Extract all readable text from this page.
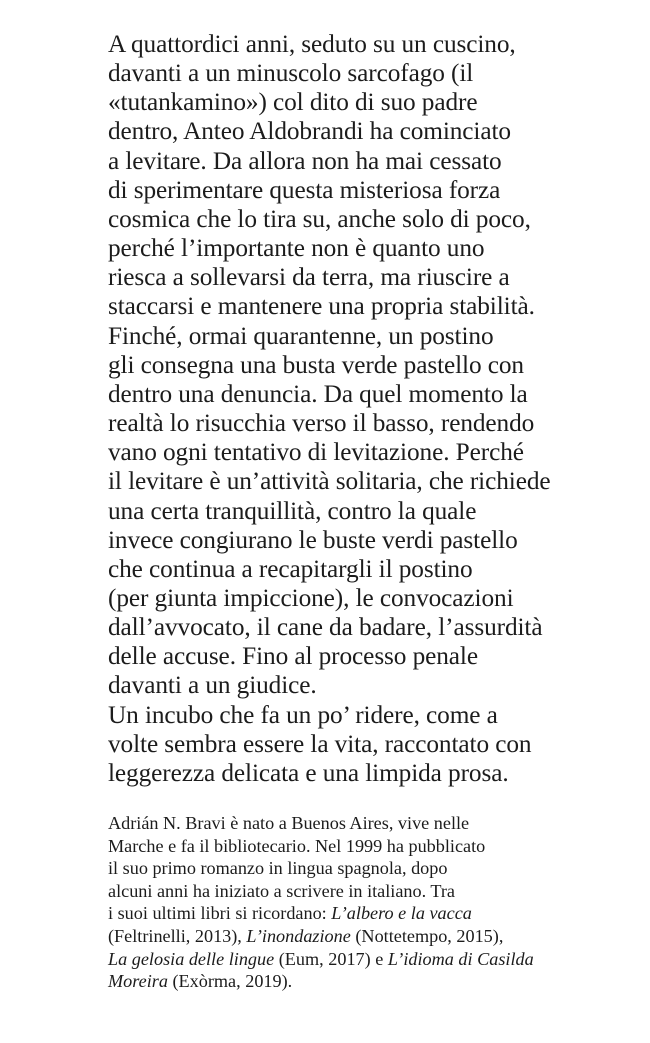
A quattordici anni, seduto su un cuscino,
davanti a un minuscolo sarcofago (il
«tutankamino») col dito di suo padre
dentro, Anteo Aldobrandi ha cominciato
a levitare. Da allora non ha mai cessato
di sperimentare questa misteriosa forza
cosmica che lo tira su, anche solo di poco,
perché l’importante non è quanto uno
riesca a sollevarsi da terra, ma riuscire a
staccarsi e mantenere una propria stabilità.
Finché, ormai quarantenne, un postino
gli consegna una busta verde pastello con
dentro una denuncia. Da quel momento la
realtà lo risucchia verso il basso, rendendo
vano ogni tentativo di levitazione. Perché
il levitare è un’attività solitaria, che richiede
una certa tranquillità, contro la quale
invece congiurano le buste verdi pastello
che continua a recapitargli il postino
(per giunta impiccione), le convocazioni
dall’avvocato, il cane da badare, l’assurdità
delle accuse. Fino al processo penale
davanti a un giudice.
Un incubo che fa un po’ ridere, come a
volte sembra essere la vita, raccontato con
leggerezza delicata e una limpida prosa.
Adrián N. Bravi è nato a Buenos Aires, vive nelle
Marche e fa il bibliotecario. Nel 1999 ha pubblicato
il suo primo romanzo in lingua spagnola, dopo
alcuni anni ha iniziato a scrivere in italiano. Tra
i suoi ultimi libri si ricordano: L’albero e la vacca
(Feltrinelli, 2013), L’inondazione (Nottetempo, 2015),
La gelosia delle lingue (Eum, 2017) e L’idioma di Casilda
Moreira (Exòrma, 2019).
